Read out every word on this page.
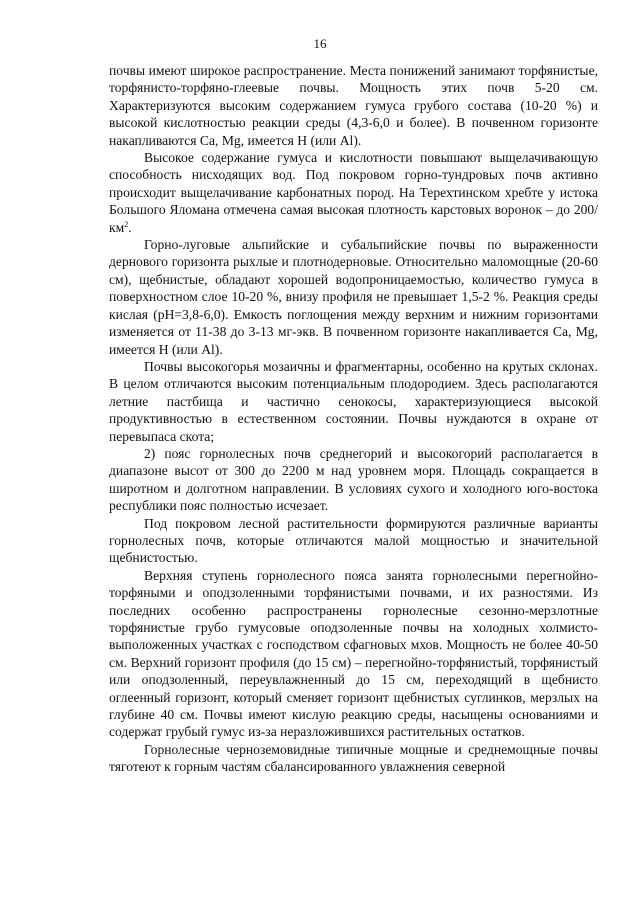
16

почвы имеют широкое распространение. Места понижений занимают торфянистые, торфянисто-торфяно-глеевые почвы. Мощность этих почв 5-20 см. Характеризуются высоким содержанием гумуса грубого состава (10-20 %) и высокой кислотностью реакции среды (4,3-6,0 и более). В почвенном горизонте накапливаются Ca, Mg, имеется H (или Al).

Высокое содержание гумуса и кислотности повышают выщелачивающую способность нисходящих вод. Под покровом горно-тундровых почв активно происходит выщелачивание карбонатных пород. На Терехтинском хребте у истока Большого Яломана отмечена самая высокая плотность карстовых воронок – до $200/км^2$.

Горно-луговые альпийские и субальпийские почвы по выраженности дернового горизонта рыхлые и плотнодерновые. Относительно маломощные (20-60 см), щебнистые, обладают хорошей водопроницаемостью, количество гумуса в поверхностном слое 10-20 %, внизу профиля не превышает 1,5-2 %. Реакция среды кислая (pH=3,8-6,0). Емкость поглощения между верхним и нижним горизонтами изменяется от 11-38 до 3-13 мг-экв. В почвенном горизонте накапливается Ca, Mg, имеется H (или Al).

Почвы высокогорья мозаичны и фрагментарны, особенно на крутых склонах. В целом отличаются высоким потенциальным плодородием. Здесь располагаются летние пастбища и частично сенокосы, характеризующиеся высокой продуктивностью в естественном состоянии. Почвы нуждаются в охране от перевыпаса скота;

2) пояс горнолесных почв среднегорий и высокогорий располагается в диапазоне высот от 300 до 2200 м над уровнем моря. Площадь сокращается в широтном и долготном направлении. В условиях сухого и холодного юго-востока республики пояс полностью исчезает.

Под покровом лесной растительности формируются различные варианты горнолесных почв, которые отличаются малой мощностью и значительной щебнистостью.

Верхняя ступень горнолесного пояса занята горнолесными перегнойно-торфяными и оподзоленными торфянистыми почвами, и их разностями. Из последних особенно распространены горнолесные сезонно-мерзлотные торфянистые грубо гумусовые оподзоленные почвы на холодных холмисто-выположенных участках с господством сфагновых мхов. Мощность не более 40-50 см. Верхний горизонт профиля (до 15 см) – перегнойно-торфянистый, торфянистый или оподзоленный, переувлажненный до 15 см, переходящий в щебнисто оглеенный горизонт, который сменяет горизонт щебнистых суглинков, мерзлых на глубине 40 см. Почвы имеют кислую реакцию среды, насыщены основаниями и содержат грубый гумус из-за неразложившихся растительных остатков.

Горнолесные черноземовидные типичные мощные и среднемощные почвы тяготеют к горным частям сбалансированного увлажнения северной
